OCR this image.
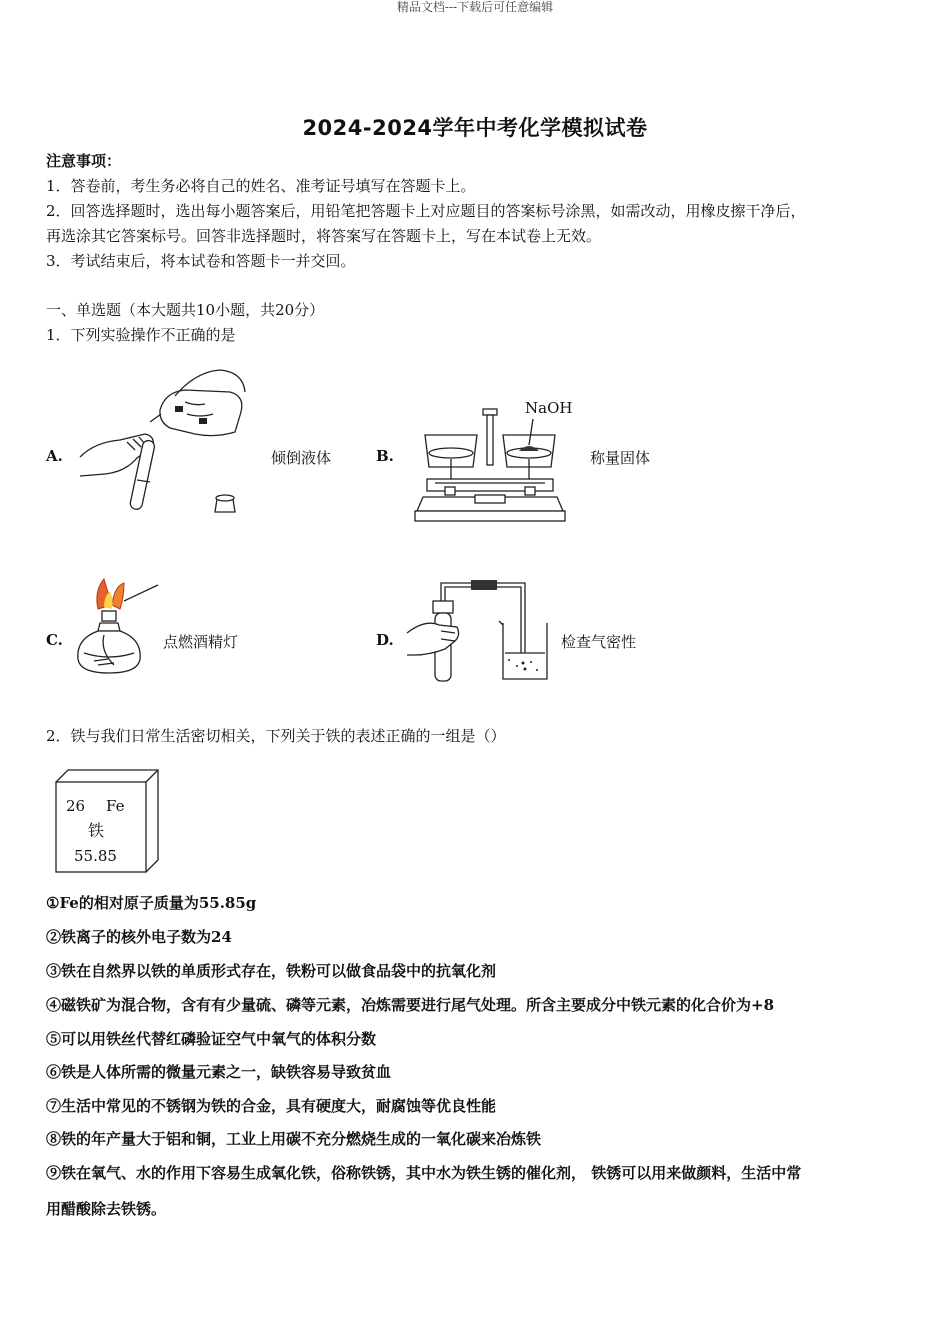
精品文档---下载后可任意编辑
2024-2024学年中考化学模拟试卷
注意事项：
1．答卷前，考生务必将自己的姓名、准考证号填写在答题卡上。
2．回答选择题时，选出每小题答案后，用铅笔把答题卡上对应题目的答案标号涂黑，如需改动，用橡皮擦干净后，
再选涂其它答案标号。回答非选择题时，将答案写在答题卡上，写在本试卷上无效。
3．考试结束后，将本试卷和答题卡一并交回。
一、单选题（本大题共10小题，共20分）
1．下列实验操作不正确的是
A.	倾倒液体	B.
NaOH
称量固体
C.	点燃酒精灯	D.	检查气密性
2．铁与我们日常生活密切相关，下列关于铁的表述正确的一组是（）
26 Fe
铁
55.85
①Fe的相对原子质量为55.85g
②铁离子的核外电子数为24
③铁在自然界以铁的单质形式存在，铁粉可以做食品袋中的抗氧化剂
④磁铁矿为混合物，含有有少量硫、磷等元素，冶炼需要进行尾气处理。所含主要成分中铁元素的化合价为+8
⑤可以用铁丝代替红磷验证空气中氧气的体积分数
⑥铁是人体所需的微量元素之一，缺铁容易导致贫血
⑦生活中常见的不锈钢为铁的合金，具有硬度大，耐腐蚀等优良性能
⑧铁的年产量大于铝和铜，工业上用碳不充分燃烧生成的一氧化碳来冶炼铁
⑨铁在氧气、水的作用下容易生成氧化铁，俗称铁锈，其中水为铁生锈的催化剂， 铁锈可以用来做颜料，生活中常
用醋酸除去铁锈。
